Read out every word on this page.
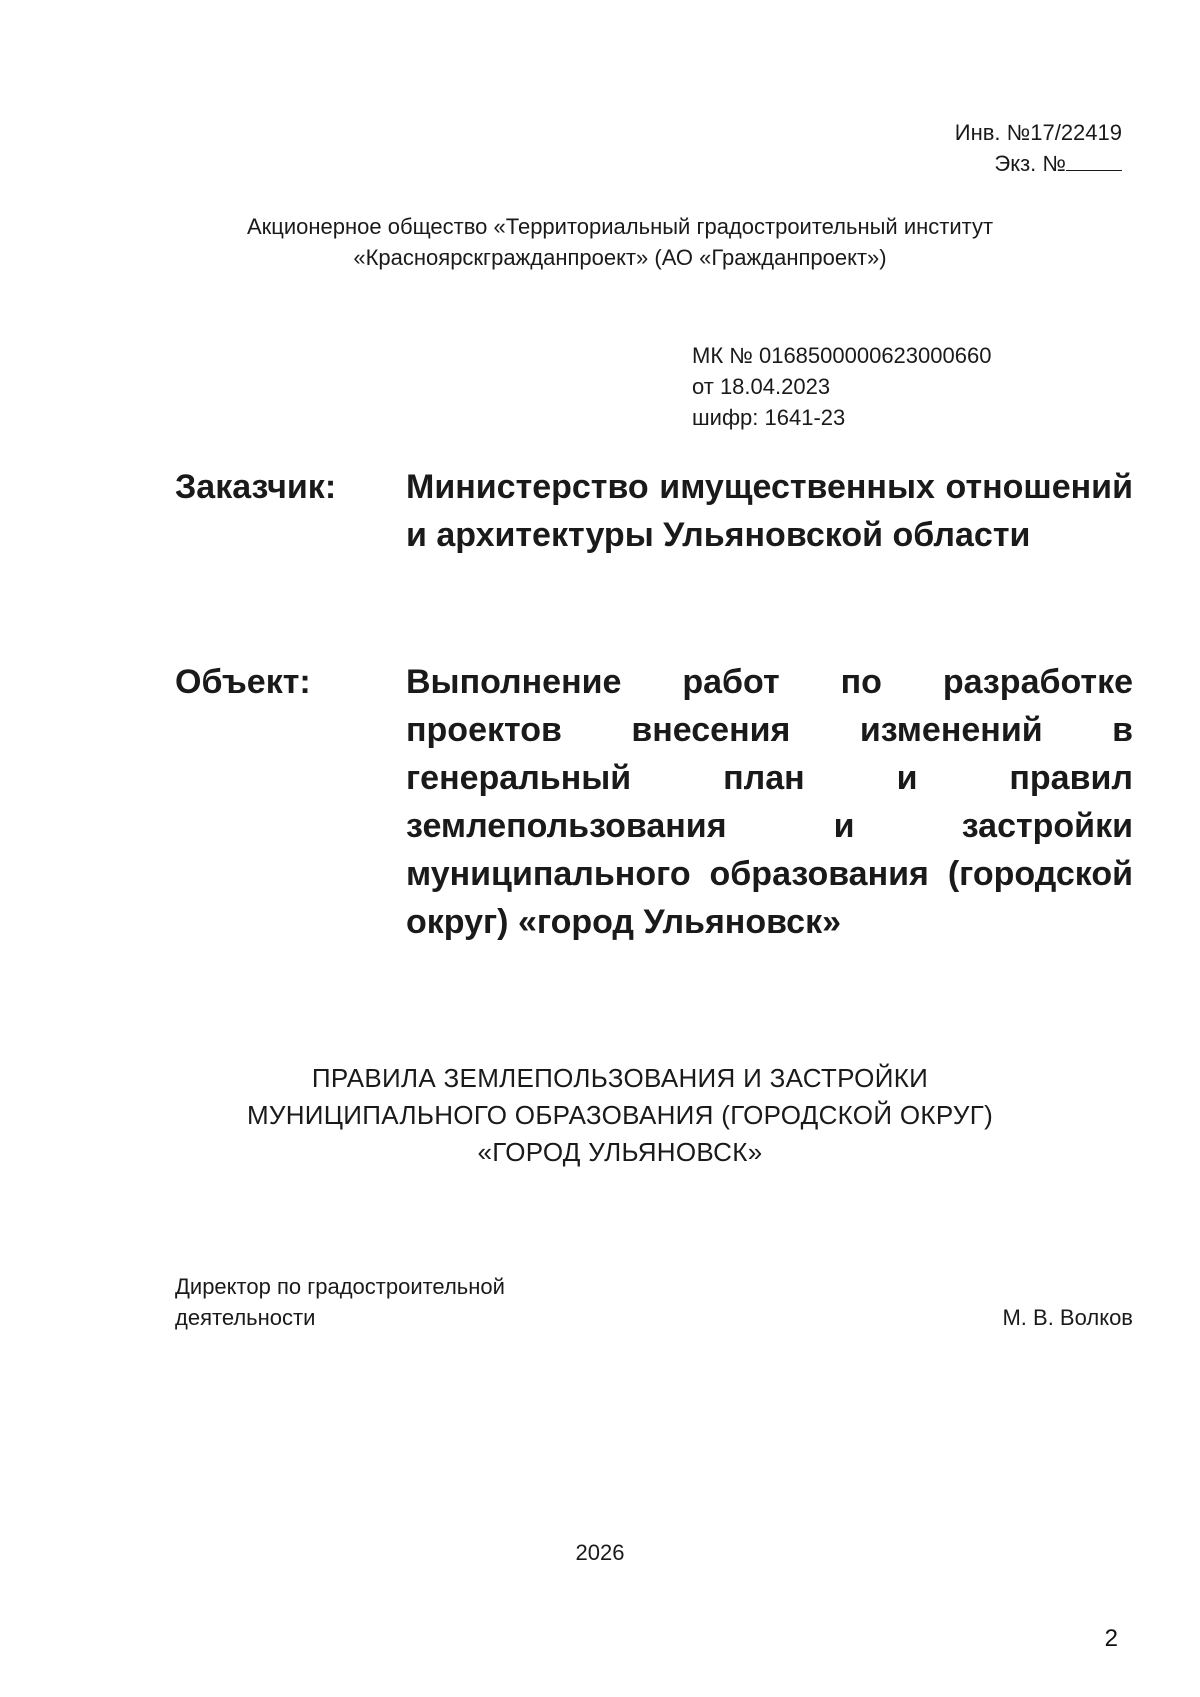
Инв. №17/22419
Экз. №
Акционерное общество «Территориальный градостроительный институт
«Красноярскгражданпроект» (АО «Гражданпроект»)
МК № 0168500000623000660
от 18.04.2023
шифр: 1641-23
Заказчик:	Министерство имущественных отношений и архитектуры Ульяновской области
Объект:	Выполнение работ по разработке проектов внесения изменений в генеральный план и правил землепользования и застройки муниципального образования (городской округ) «город Ульяновск»
ПРАВИЛА ЗЕМЛЕПОЛЬЗОВАНИЯ И ЗАСТРОЙКИ
МУНИЦИПАЛЬНОГО ОБРАЗОВАНИЯ (ГОРОДСКОЙ ОКРУГ)
«ГОРОД УЛЬЯНОВСК»
Директор по градостроительной
деятельности	М. В. Волков
2026
2
